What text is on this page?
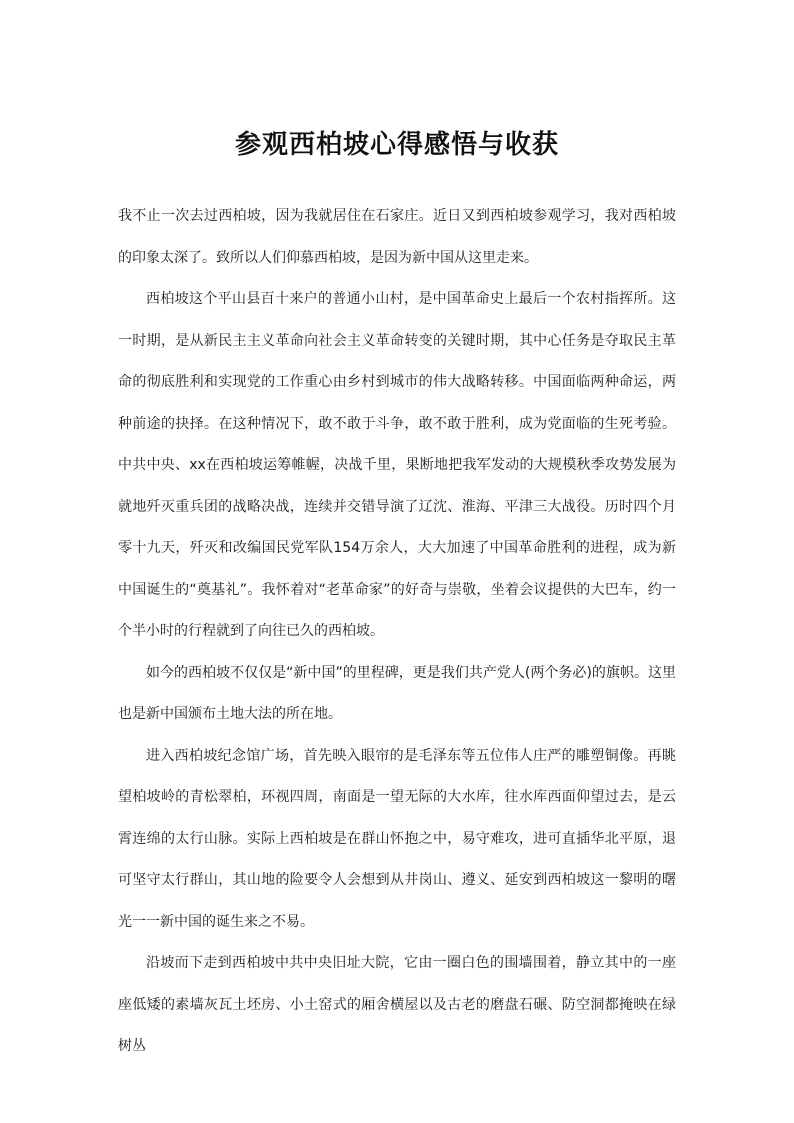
参观西柏坡心得感悟与收获

我不止一次去过西柏坡，因为我就居住在石家庄。近日又到西柏坡参观学习，我对西柏坡的印象太深了。致所以人们仰慕西柏坡，是因为新中国从这里走来。

西柏坡这个平山县百十来户的普通小山村，是中国革命史上最后一个农村指挥所。这一时期，是从新民主主义革命向社会主义革命转变的关键时期，其中心任务是夺取民主革命的彻底胜利和实现党的工作重心由乡村到城市的伟大战略转移。中国面临两种命运，两种前途的抉择。在这种情况下，敢不敢于斗争，敢不敢于胜利，成为党面临的生死考验。中共中央、xx在西柏坡运筹帷幄，决战千里，果断地把我军发动的大规模秋季攻势发展为就地歼灭重兵团的战略决战，连续并交错导演了辽沈、淮海、平津三大战役。历时四个月零十九天，歼灭和改编国民党军队154万余人，大大加速了中国革命胜利的进程，成为新中国诞生的“奠基礼”。我怀着对“老革命家”的好奇与崇敬，坐着会议提供的大巴车，约一个半小时的行程就到了向往已久的西柏坡。

如今的西柏坡不仅仅是“新中国”的里程碑，更是我们共产党人(两个务必)的旗帜。这里也是新中国颁布土地大法的所在地。

进入西柏坡纪念馆广场，首先映入眼帘的是毛泽东等五位伟人庄严的雕塑铜像。再眺望柏坡岭的青松翠柏，环视四周，南面是一望无际的大水库，往水库西面仰望过去，是云霄连绵的太行山脉。实际上西柏坡是在群山怀抱之中，易守难攻，进可直插华北平原，退可坚守太行群山，其山地的险要令人会想到从井岗山、遵义、延安到西柏坡这一黎明的曙光一一新中国的诞生来之不易。

沿坡而下走到西柏坡中共中央旧址大院，它由一圈白色的围墙围着，静立其中的一座座低矮的素墙灰瓦土坯房、小土窑式的厢舍横屋以及古老的磨盘石碾、防空洞都掩映在绿树丛
